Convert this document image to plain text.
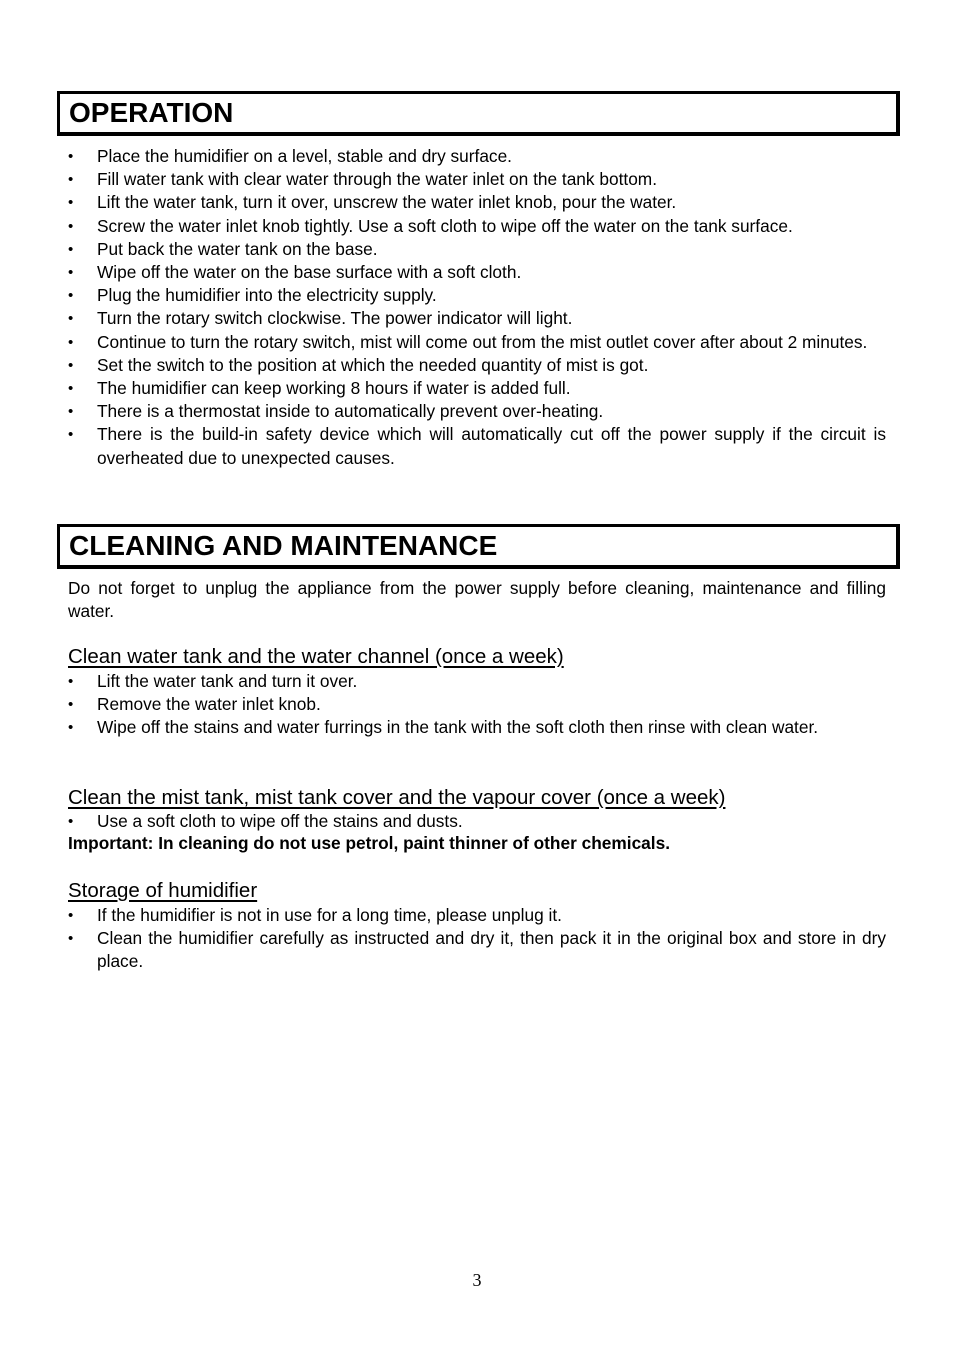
OPERATION
• Place the humidifier on a level, stable and dry surface.
• Fill water tank with clear water through the water inlet on the tank bottom.
• Lift the water tank, turn it over, unscrew the water inlet knob, pour the water.
• Screw the water inlet knob tightly. Use a soft cloth to wipe off the water on the tank surface.
• Put back the water tank on the base.
• Wipe off the water on the base surface with a soft cloth.
• Plug the humidifier into the electricity supply.
• Turn the rotary switch clockwise. The power indicator will light.
• Continue to turn the rotary switch, mist will come out from the mist outlet cover after about 2 minutes.
• Set the switch to the position at which the needed quantity of mist is got.
• The humidifier can keep working 8 hours if water is added full.
• There is a thermostat inside to automatically prevent over-heating.
• There is the build-in safety device which will automatically cut off the power supply if the circuit is overheated due to unexpected causes.
CLEANING AND MAINTENANCE
Do not forget to unplug the appliance from the power supply before cleaning, maintenance and filling water.
Clean water tank and the water channel (once a week)
• Lift the water tank and turn it over.
• Remove the water inlet knob.
• Wipe off the stains and water furrings in the tank with the soft cloth then rinse with clean water.
Clean the mist tank, mist tank cover and the vapour cover (once a week)
• Use a soft cloth to wipe off the stains and dusts.
Important: In cleaning do not use petrol, paint thinner of other chemicals.
Storage of humidifier
• If the humidifier is not in use for a long time, please unplug it.
• Clean the humidifier carefully as instructed and dry it, then pack it in the original box and store in dry place.
3
